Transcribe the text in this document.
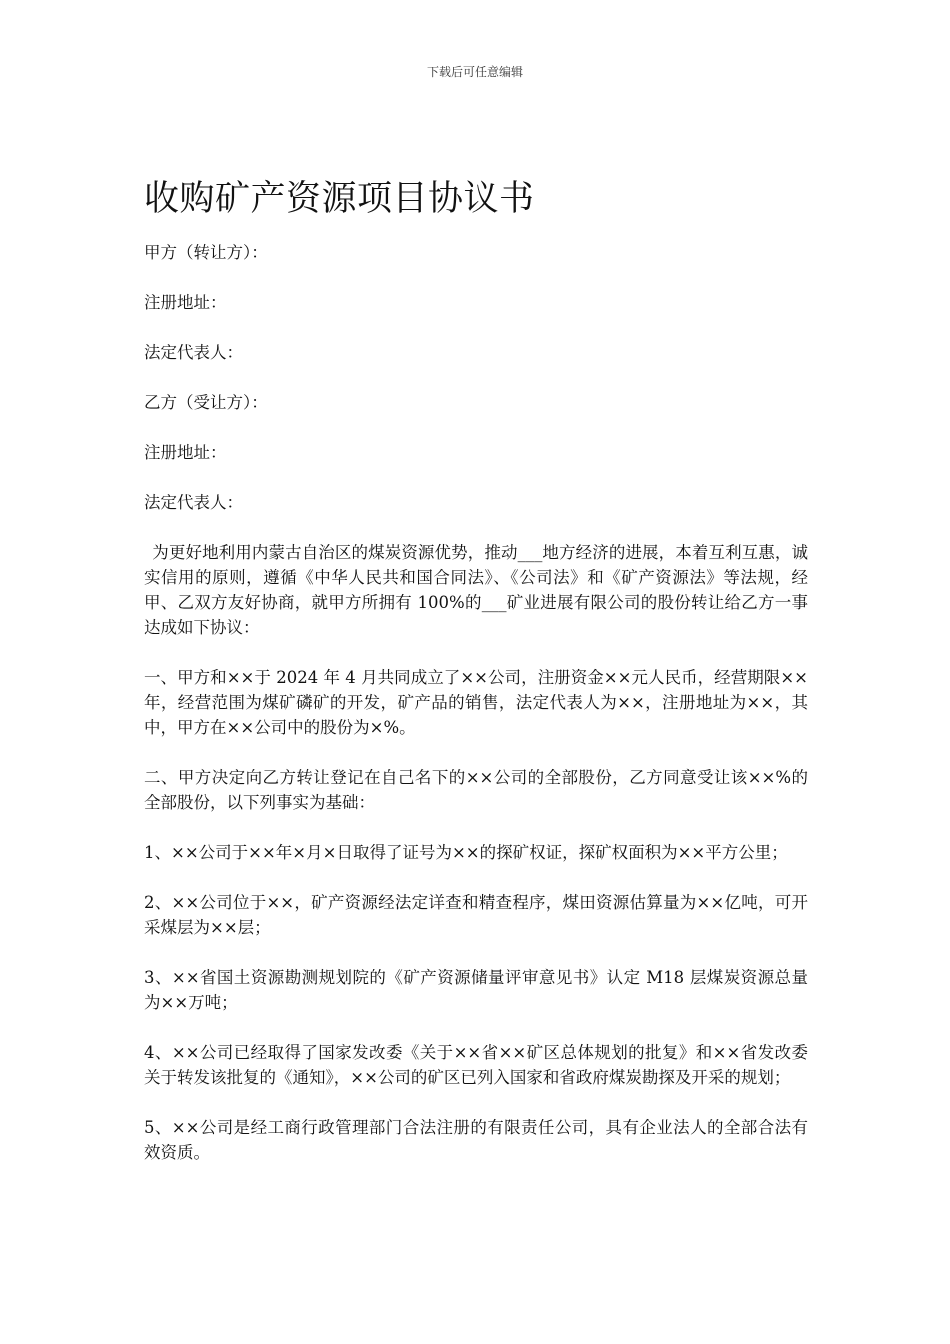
下载后可任意编辑
收购矿产资源项目协议书

甲方（转让方）：

注册地址：

法定代表人：

乙方（受让方）：

注册地址：

法定代表人：

为更好地利用内蒙古自治区的煤炭资源优势，推动___地方经济的进展，本着互利互惠，诚实信用的原则，遵循《中华人民共和国合同法》、《公司法》和《矿产资源法》等法规，经甲、乙双方友好协商，就甲方所拥有 100%的___矿业进展有限公司的股份转让给乙方一事达成如下协议：

一、甲方和××于 2024 年 4 月共同成立了××公司，注册资金××元人民币，经营期限××年，经营范围为煤矿磷矿的开发，矿产品的销售，法定代表人为××，注册地址为××，其中，甲方在××公司中的股份为×%。

二、甲方决定向乙方转让登记在自己名下的××公司的全部股份，乙方同意受让该××%的全部股份，以下列事实为基础：

1、××公司于××年×月×日取得了证号为××的探矿权证，探矿权面积为××平方公里；

2、××公司位于××，矿产资源经法定详查和精查程序，煤田资源估算量为××亿吨，可开采煤层为××层；

3、××省国土资源勘测规划院的《矿产资源储量评审意见书》认定 M18 层煤炭资源总量为××万吨；

4、××公司已经取得了国家发改委《关于××省××矿区总体规划的批复》和××省发改委关于转发该批复的《通知》，××公司的矿区已列入国家和省政府煤炭勘探及开采的规划；

5、××公司是经工商行政管理部门合法注册的有限责任公司，具有企业法人的全部合法有效资质。
